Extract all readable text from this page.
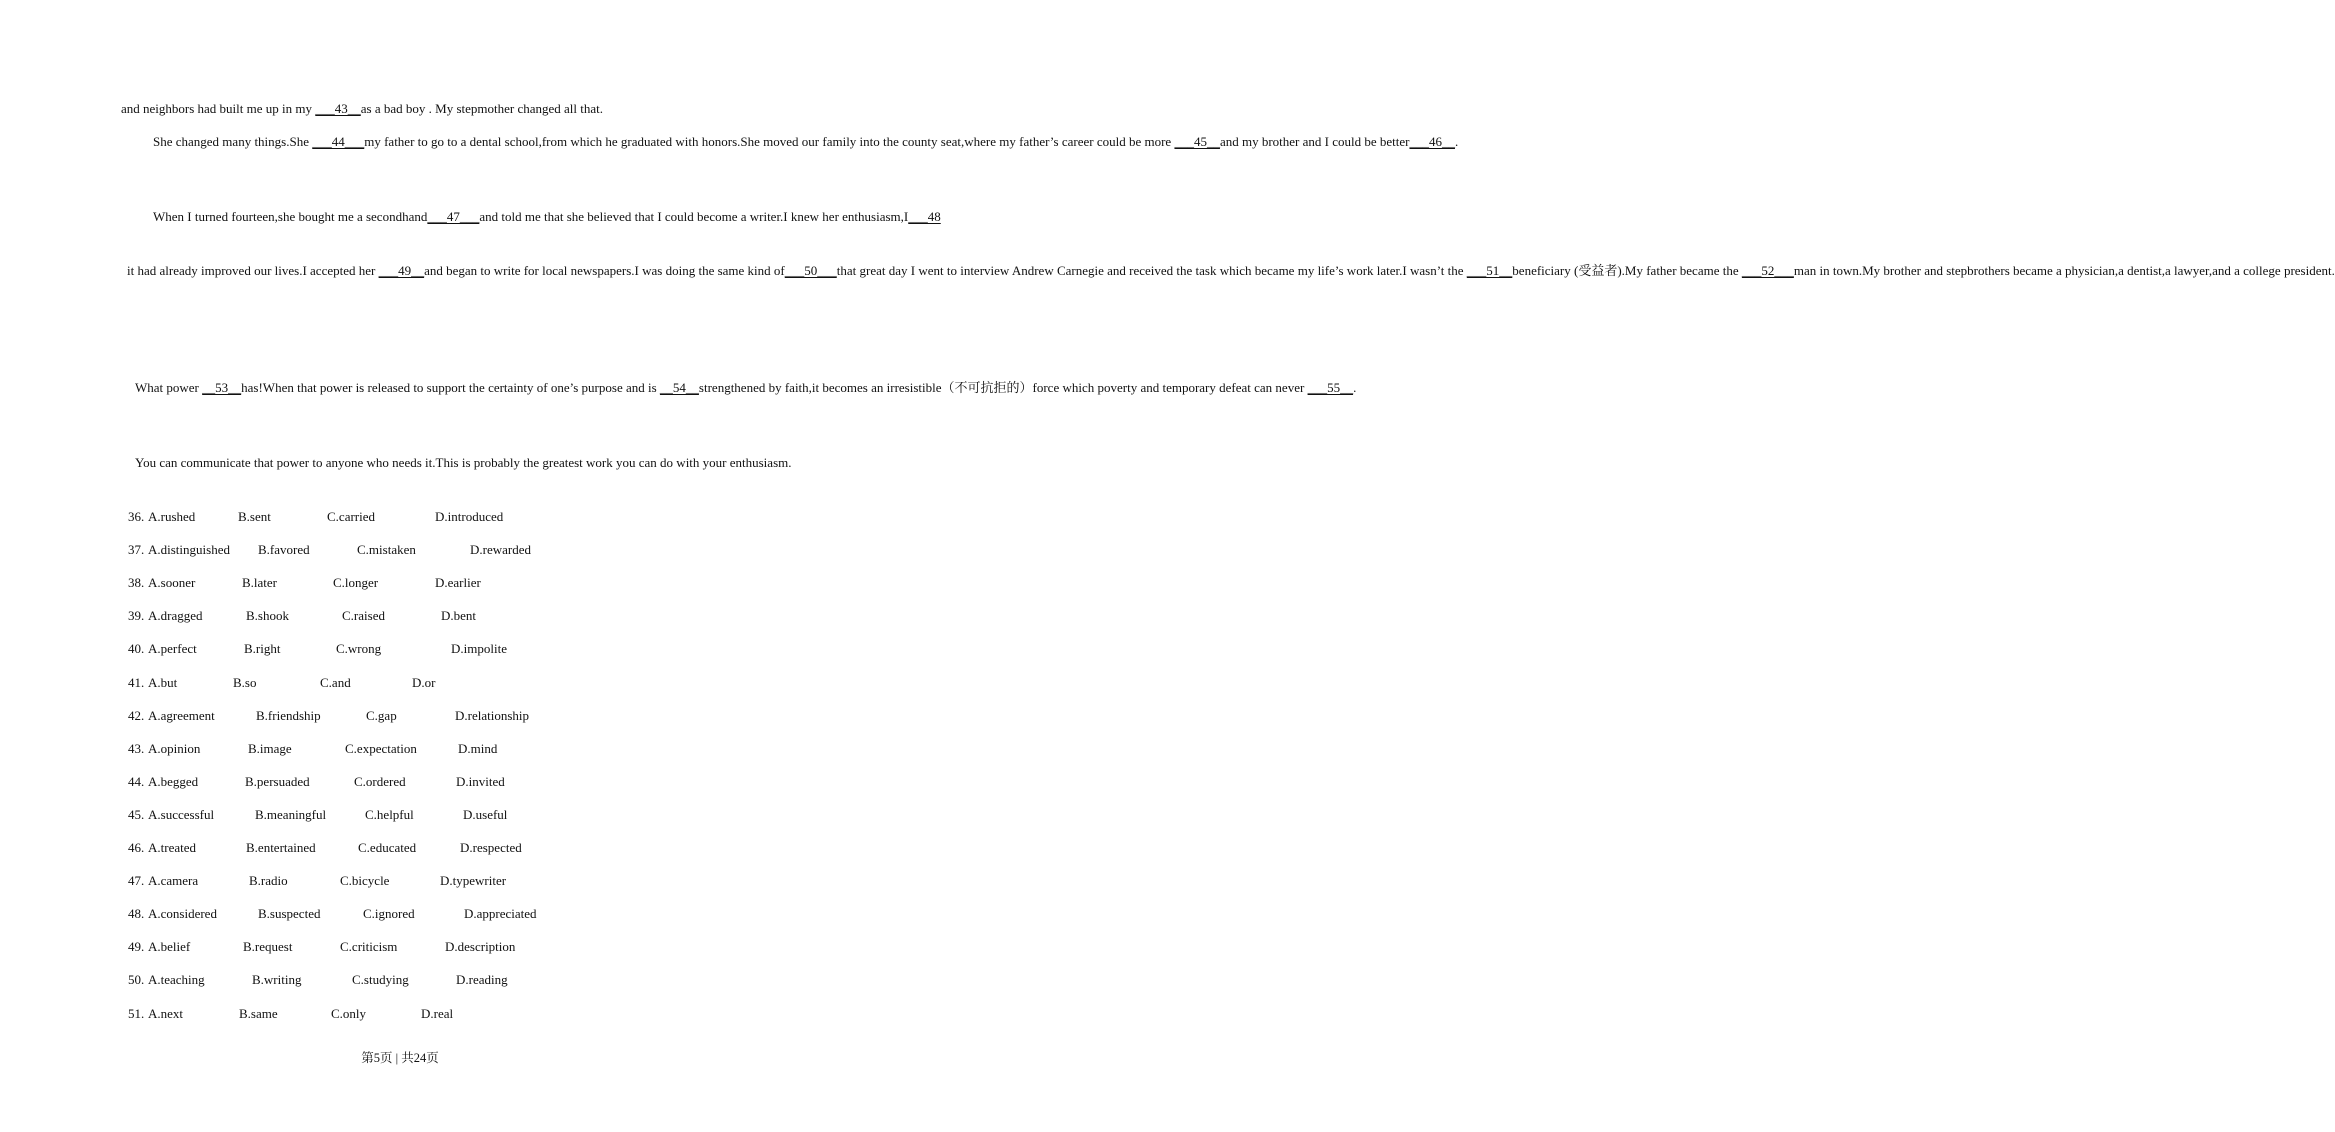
and neighbors had built me up in my ___43__as a bad boy . My stepmother changed all that.

She changed many things.She ___44___my father to go to a dental school,from which he graduated with honors.She moved our family into the county seat,where my father’s career could be more ___45__and my brother and I could be better___46__.

When I turned fourteen,she bought me a secondhand___47___and told me that she believed that I could become a writer.I knew her enthusiasm,I___48

it had already improved our lives.I accepted her ___49__and began to write for local newspapers.I was doing the same kind of___50___that great day I went to interview Andrew Carnegie and received the task which became my life’s work later.I wasn’t the ___51__beneficiary (受益者).My father became the ___52___man in town.My brother and stepbrothers became a physician,a dentist,a lawyer,and a college president.

What power __53__has!When that power is released to support the certainty of one’s purpose and is __54__strengthened by faith,it becomes an irresistible（不可抗拒的）force which poverty and temporary defeat can never ___55__.

You can communicate that power to anyone who needs it.This is probably the greatest work you can do with your enthusiasm.

36. A.rushed	B.sent	C.carried	D.introduced
37. A.distinguished B.favored	C.mistaken	D.rewarded
38. A.sooner	B.later	C.longer	D.earlier
39. A.dragged	B.shook	C.raised	D.bent
40. A.perfect	B.right	C.wrong	D.impolite
41. A.but	B.so	C.and	D.or
42. A.agreement	B.friendship	C.gap	D.relationship
43. A.opinion	B.image	C.expectation	D.mind
44. A.begged	B.persuaded	C.ordered	D.invited
45. A.successful	B.meaningful	C.helpful	D.useful
46. A.treated	B.entertained	C.educated	D.respected
47. A.camera	B.radio	C.bicycle	D.typewriter
48. A.considered	B.suspected	C.ignored	D.appreciated
49. A.belief	B.request	C.criticism	D.description
50. A.teaching	B.writing	C.studying	D.reading
51. A.next	B.same	C.only	D.real
第5页 | 共24页
